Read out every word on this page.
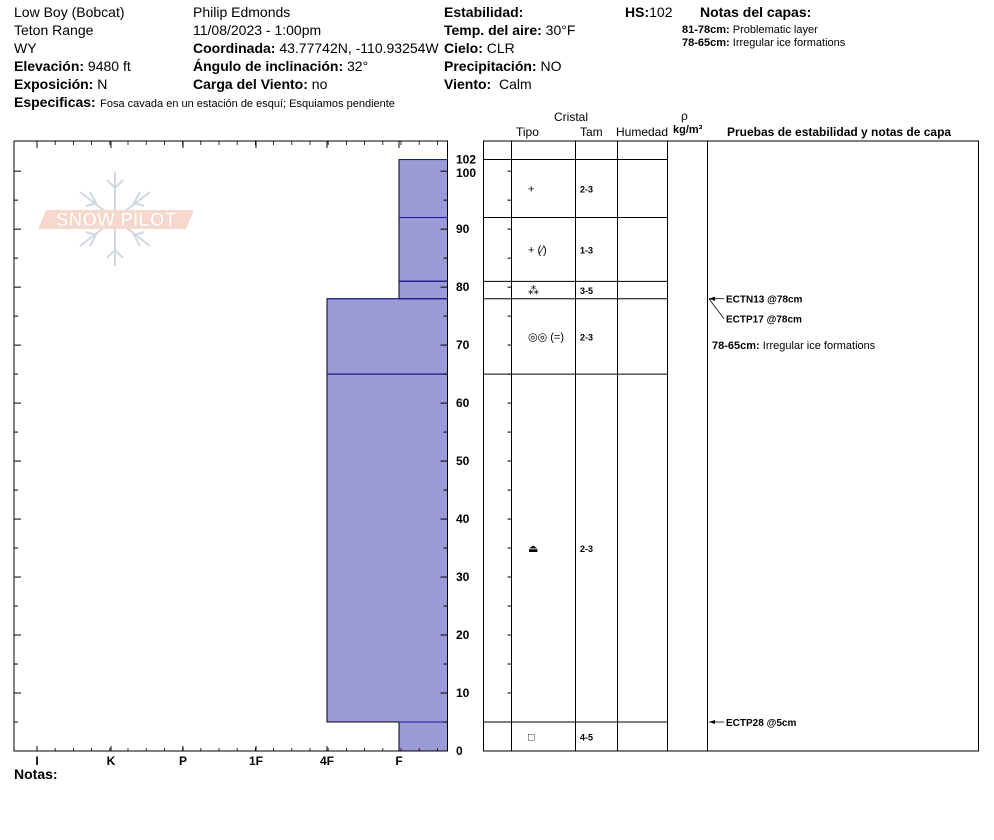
Low Boy (Bobcat)
Teton Range
WY
Elevación: 9480 ft
Exposición: N
Especificas: Fosa cavada en un estación de esquí; Esquiamos pendiente
Philip Edmonds
11/08/2023 - 1:00pm
Coordinada: 43.77742N, -110.93254W
Ángulo de inclinación: 32°
Carga del Viento: no
Estabilidad:
Temp. del aire: 30°F
Cielo: CLR
Precipitación: NO
Viento: Calm
HS:102 Notas del capas:
81-78cm: Problematic layer
78-65cm: Irregular ice formations
Cristal
Tipo	Tam Humedad
ρ
kg/m³ Pruebas de estabilidad y notas de capa
Notas:
SNOW PILOT
0
10
20
30
40
50
60
70
80
90
100
102
I	K	P	1F	4F	F
+	2-3
+ (⁄)	1-3
⁂	3-5
◎◎ (=) 2-3
⏏	2-3
□	4-5
ECTN13 @78cm
ECTP17 @78cm
ECTP28 @5cm
78-65cm: Irregular ice formations
